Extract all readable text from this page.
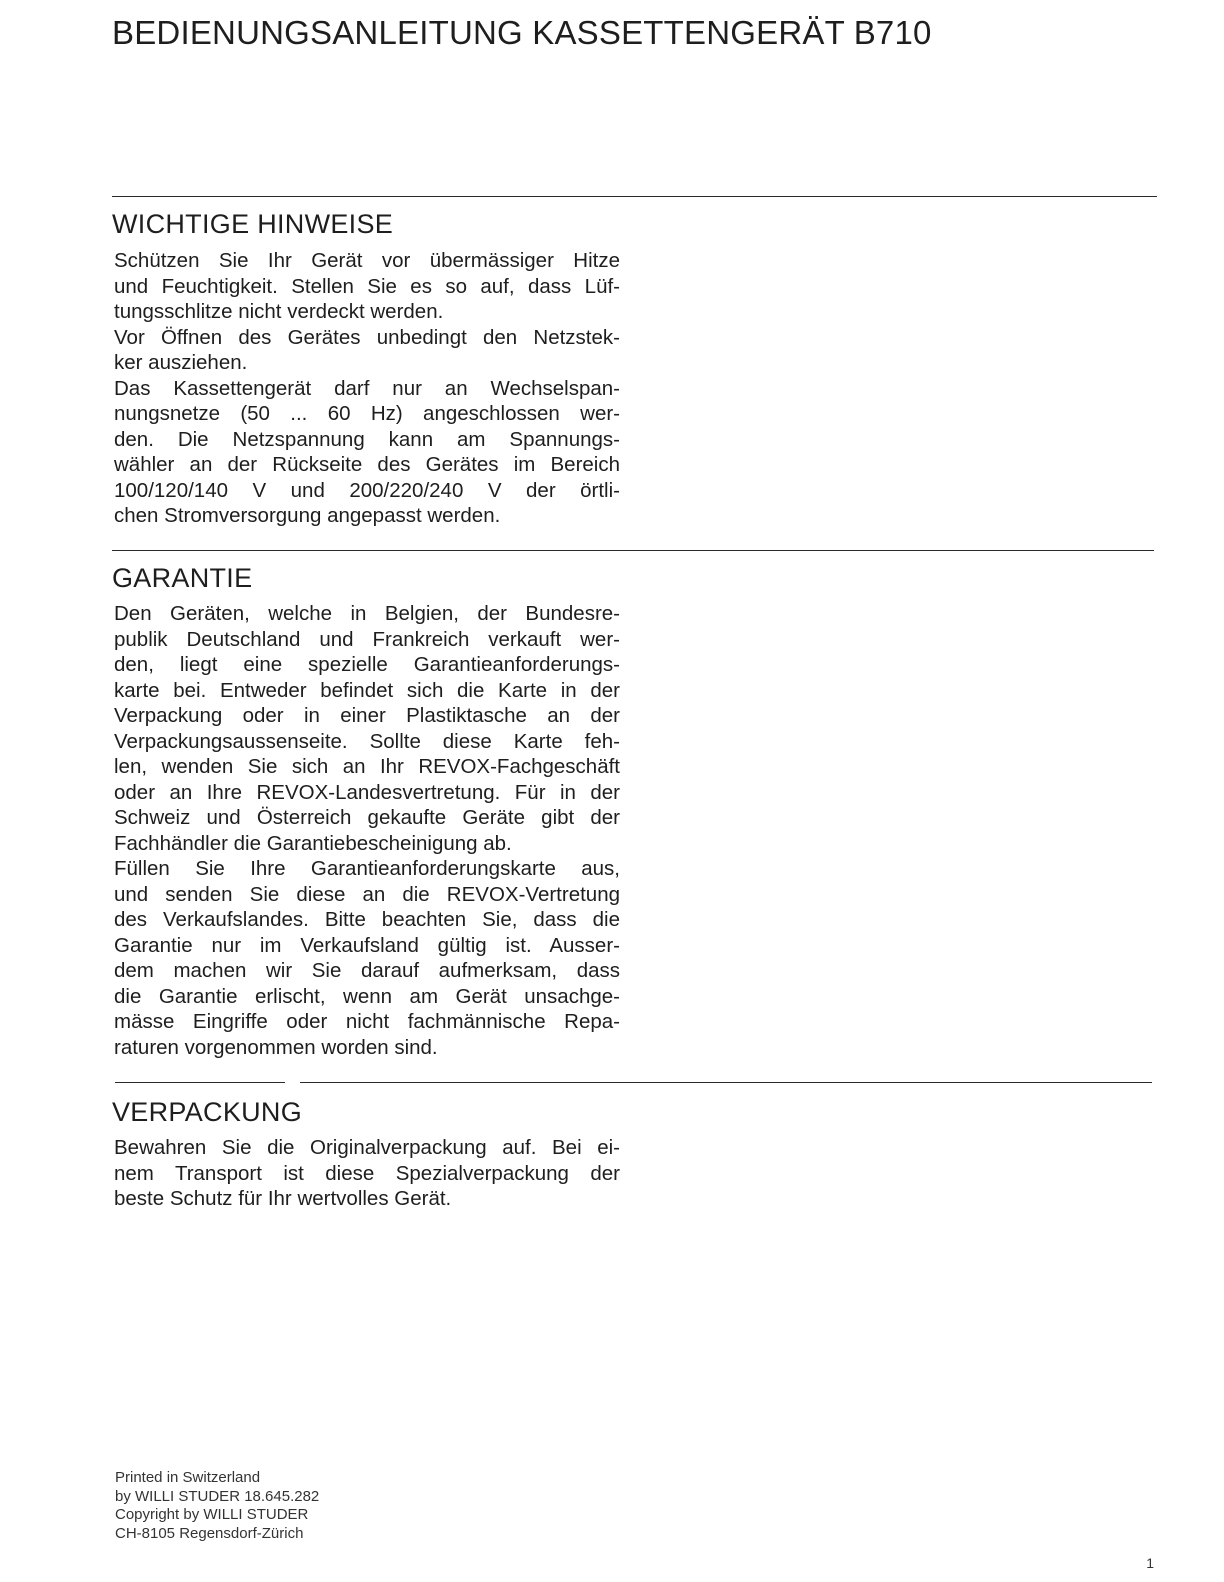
BEDIENUNGSANLEITUNG KASSETTENGERÄT B710
WICHTIGE HINWEISE
Schützen Sie Ihr Gerät vor übermässiger Hitze
und Feuchtigkeit. Stellen Sie es so auf, dass Lüf-
tungsschlitze nicht verdeckt werden.
Vor Öffnen des Gerätes unbedingt den Netzstek-
ker ausziehen.
Das Kassettengerät darf nur an Wechselspan-
nungsnetze (50 ... 60 Hz) angeschlossen wer-
den. Die Netzspannung kann am Spannungs-
wähler an der Rückseite des Gerätes im Bereich
100/120/140 V und 200/220/240 V der örtli-
chen Stromversorgung angepasst werden.
GARANTIE
Den Geräten, welche in Belgien, der Bundesre-
publik Deutschland und Frankreich verkauft wer-
den, liegt eine spezielle Garantieanforderungs-
karte bei. Entweder befindet sich die Karte in der
Verpackung oder in einer Plastiktasche an der
Verpackungsaussenseite. Sollte diese Karte feh-
len, wenden Sie sich an Ihr REVOX-Fachgeschäft
oder an Ihre REVOX-Landesvertretung. Für in der
Schweiz und Österreich gekaufte Geräte gibt der
Fachhändler die Garantiebescheinigung ab.
Füllen Sie Ihre Garantieanforderungskarte aus,
und senden Sie diese an die REVOX-Vertretung
des Verkaufslandes. Bitte beachten Sie, dass die
Garantie nur im Verkaufsland gültig ist. Ausser-
dem machen wir Sie darauf aufmerksam, dass
die Garantie erlischt, wenn am Gerät unsachge-
mässe Eingriffe oder nicht fachmännische Repa-
raturen vorgenommen worden sind.
VERPACKUNG
Bewahren Sie die Originalverpackung auf. Bei ei-
nem Transport ist diese Spezialverpackung der
beste Schutz für Ihr wertvolles Gerät.
Printed in Switzerland
by WILLI STUDER 18.645.282
Copyright by WILLI STUDER
CH-8105 Regensdorf-Zürich
1
